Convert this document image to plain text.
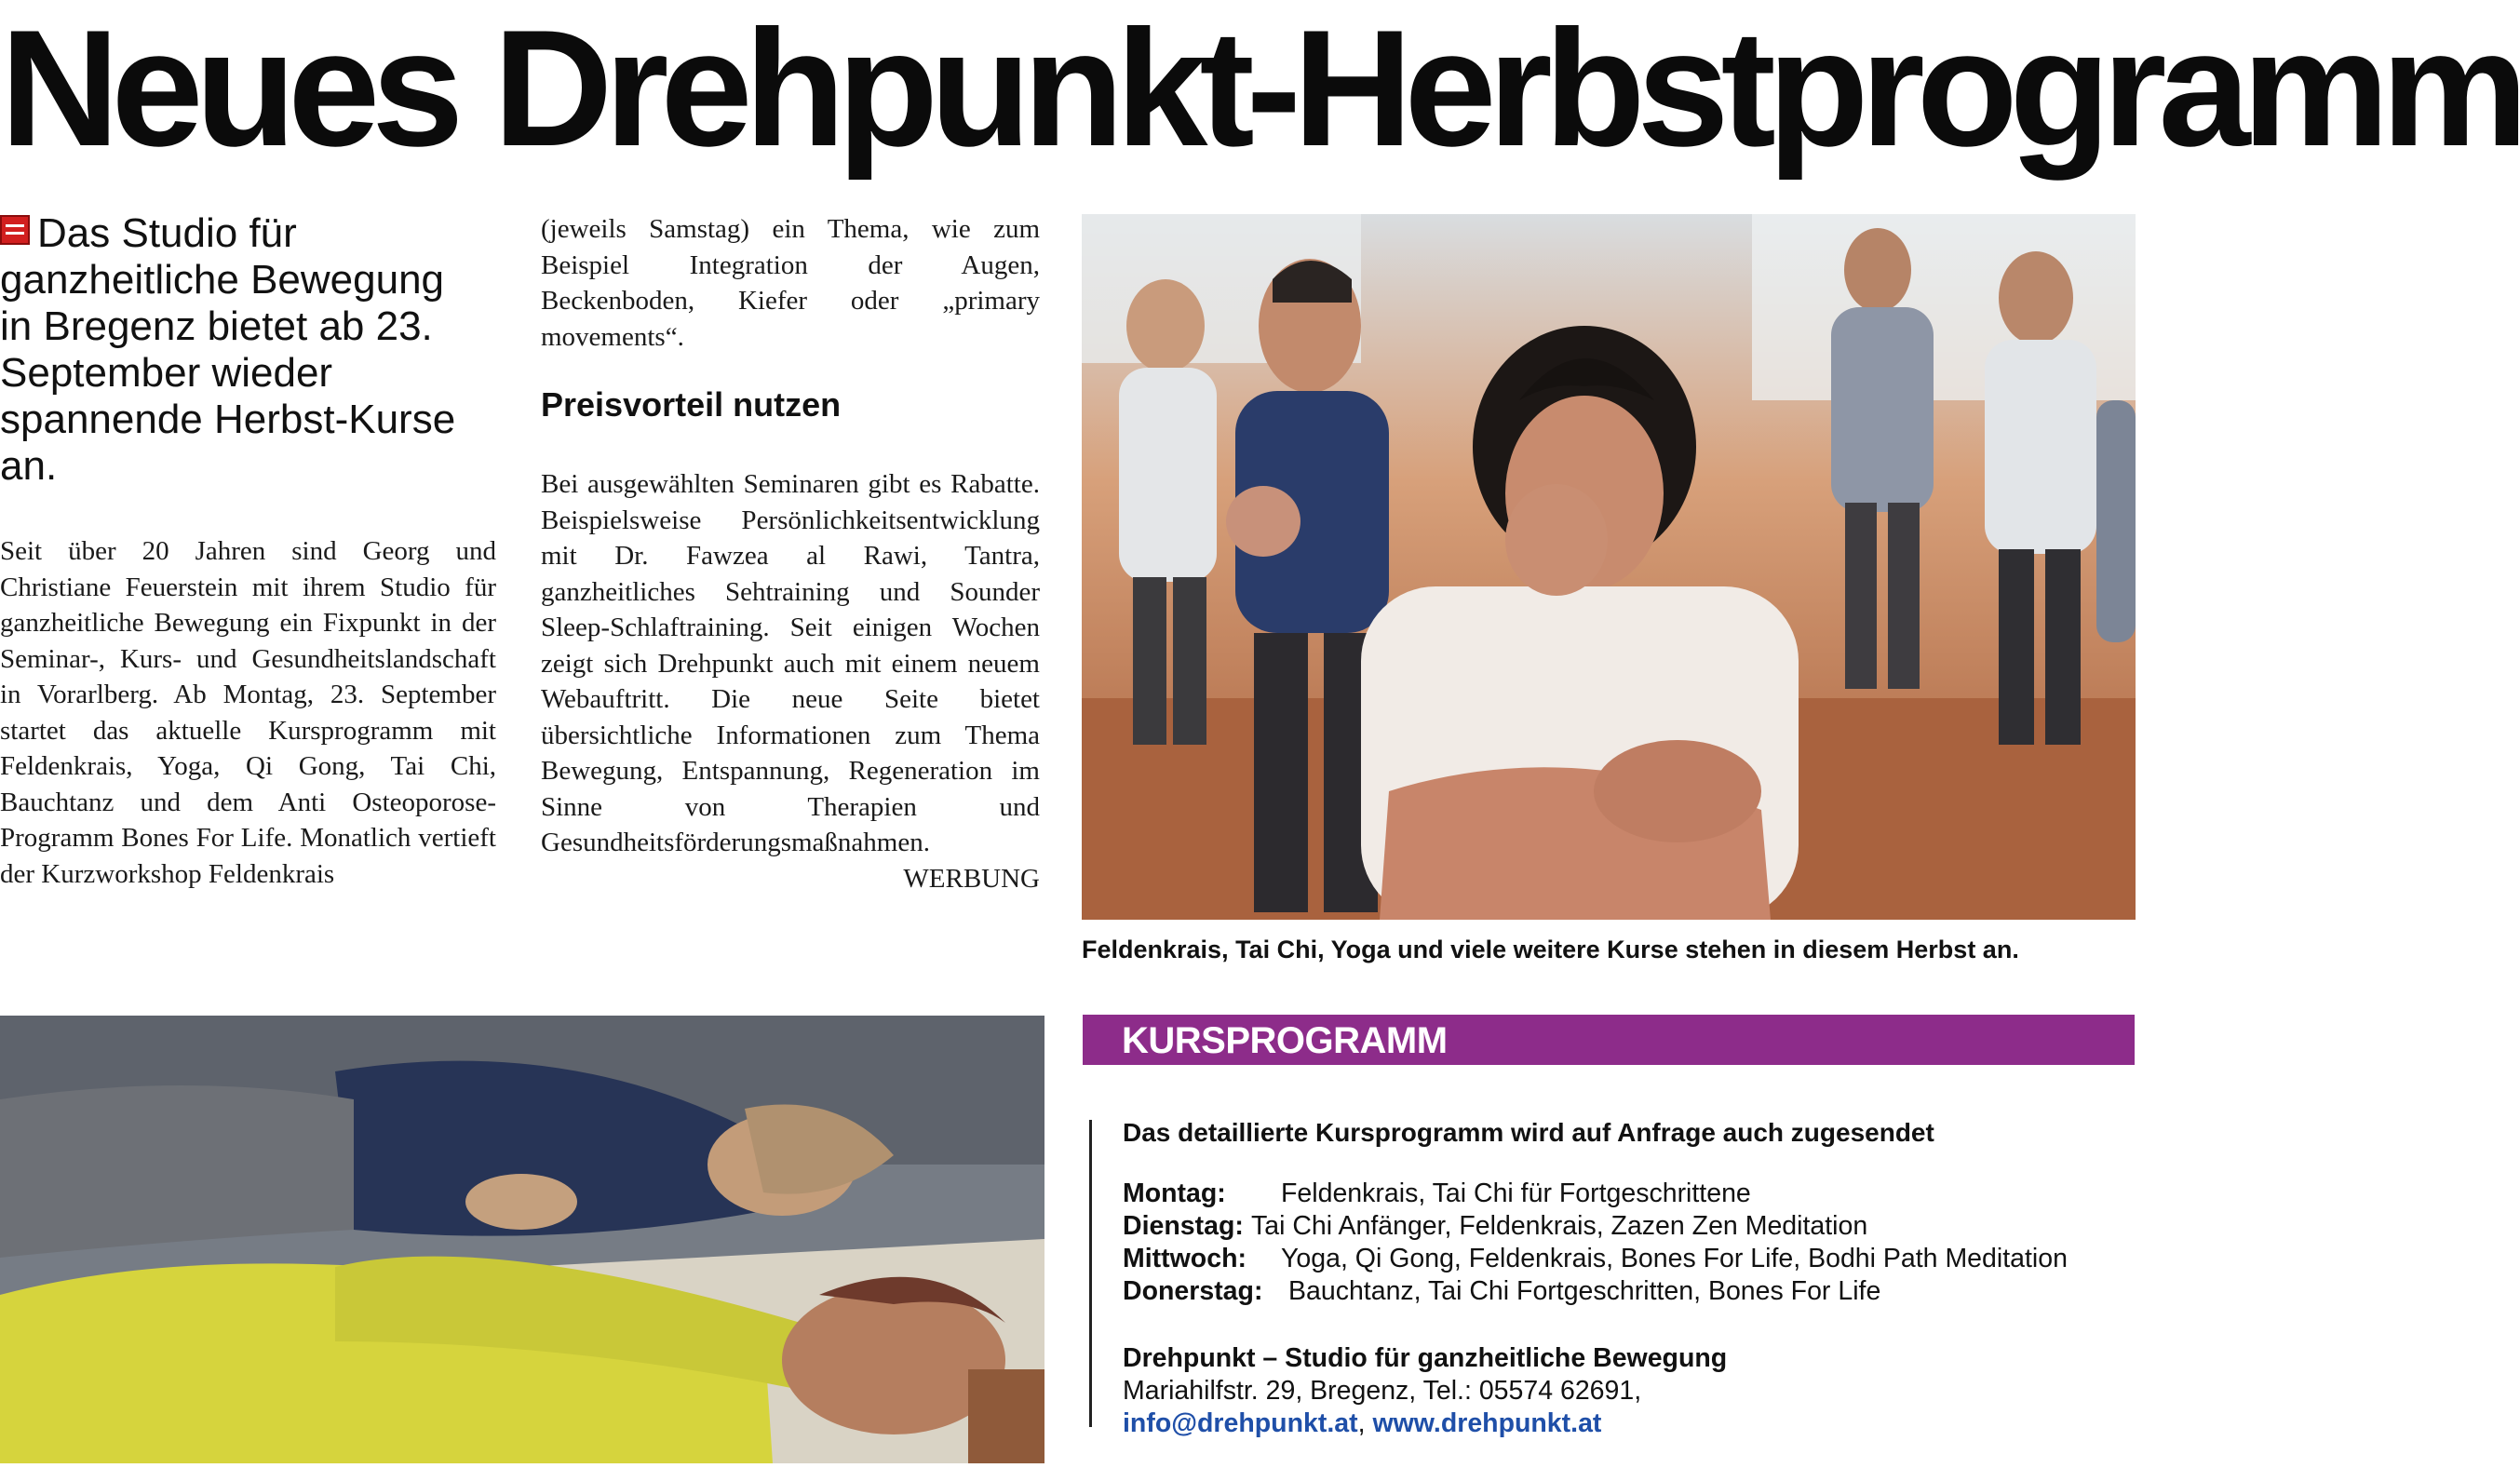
Neues Drehpunkt-Herbstprogramm
Das Studio für ganzheitliche Bewegung in Bregenz bietet ab 23. September wieder spannende Herbst-Kurse an.
Seit über 20 Jahren sind Georg und Christiane Feuerstein mit ihrem Studio für ganzheitliche Bewegung ein Fixpunkt in der Seminar-, Kurs- und Gesundheitslandschaft in Vorarlberg. Ab Montag, 23. September startet das aktuelle Kursprogramm mit Feldenkrais, Yoga, Qi Gong, Tai Chi, Bauchtanz und dem Anti Osteoporose-Programm Bones For Life. Monatlich vertieft der Kurzworkshop Feldenkrais
(jeweils Samstag) ein Thema, wie zum Beispiel Integration der Augen, Beckenboden, Kiefer oder „primary movements“.
Preisvorteil nutzen
Bei ausgewählten Seminaren gibt es Rabatte. Beispielsweise Persönlichkeitsentwicklung mit Dr. Fawzea al Rawi, Tantra, ganzheitliches Sehtraining und Sounder Sleep-Schlaftraining. Seit einigen Wochen zeigt sich Drehpunkt auch mit einem neuem Webauftritt. Die neue Seite bietet übersichtliche Informationen zum Thema Bewegung, Entspannung, Regeneration im Sinne von Therapien und Gesundheitsförderungsmaßnahmen.
WERBUNG
Feldenkrais, Tai Chi, Yoga und viele weitere Kurse stehen in diesem Herbst an.
KURSPROGRAMM
Das detaillierte Kursprogramm wird auf Anfrage auch zugesendet
Montag: Feldenkrais, Tai Chi für Fortgeschrittene
Dienstag: Tai Chi Anfänger, Feldenkrais, Zazen Zen Meditation
Mittwoch: Yoga, Qi Gong, Feldenkrais, Bones For Life, Bodhi Path Meditation
Donerstag: Bauchtanz, Tai Chi Fortgeschritten, Bones For Life
Drehpunkt – Studio für ganzheitliche Bewegung
Mariahilfstr. 29, Bregenz, Tel.: 05574 62691,
info@drehpunkt.at, www.drehpunkt.at
